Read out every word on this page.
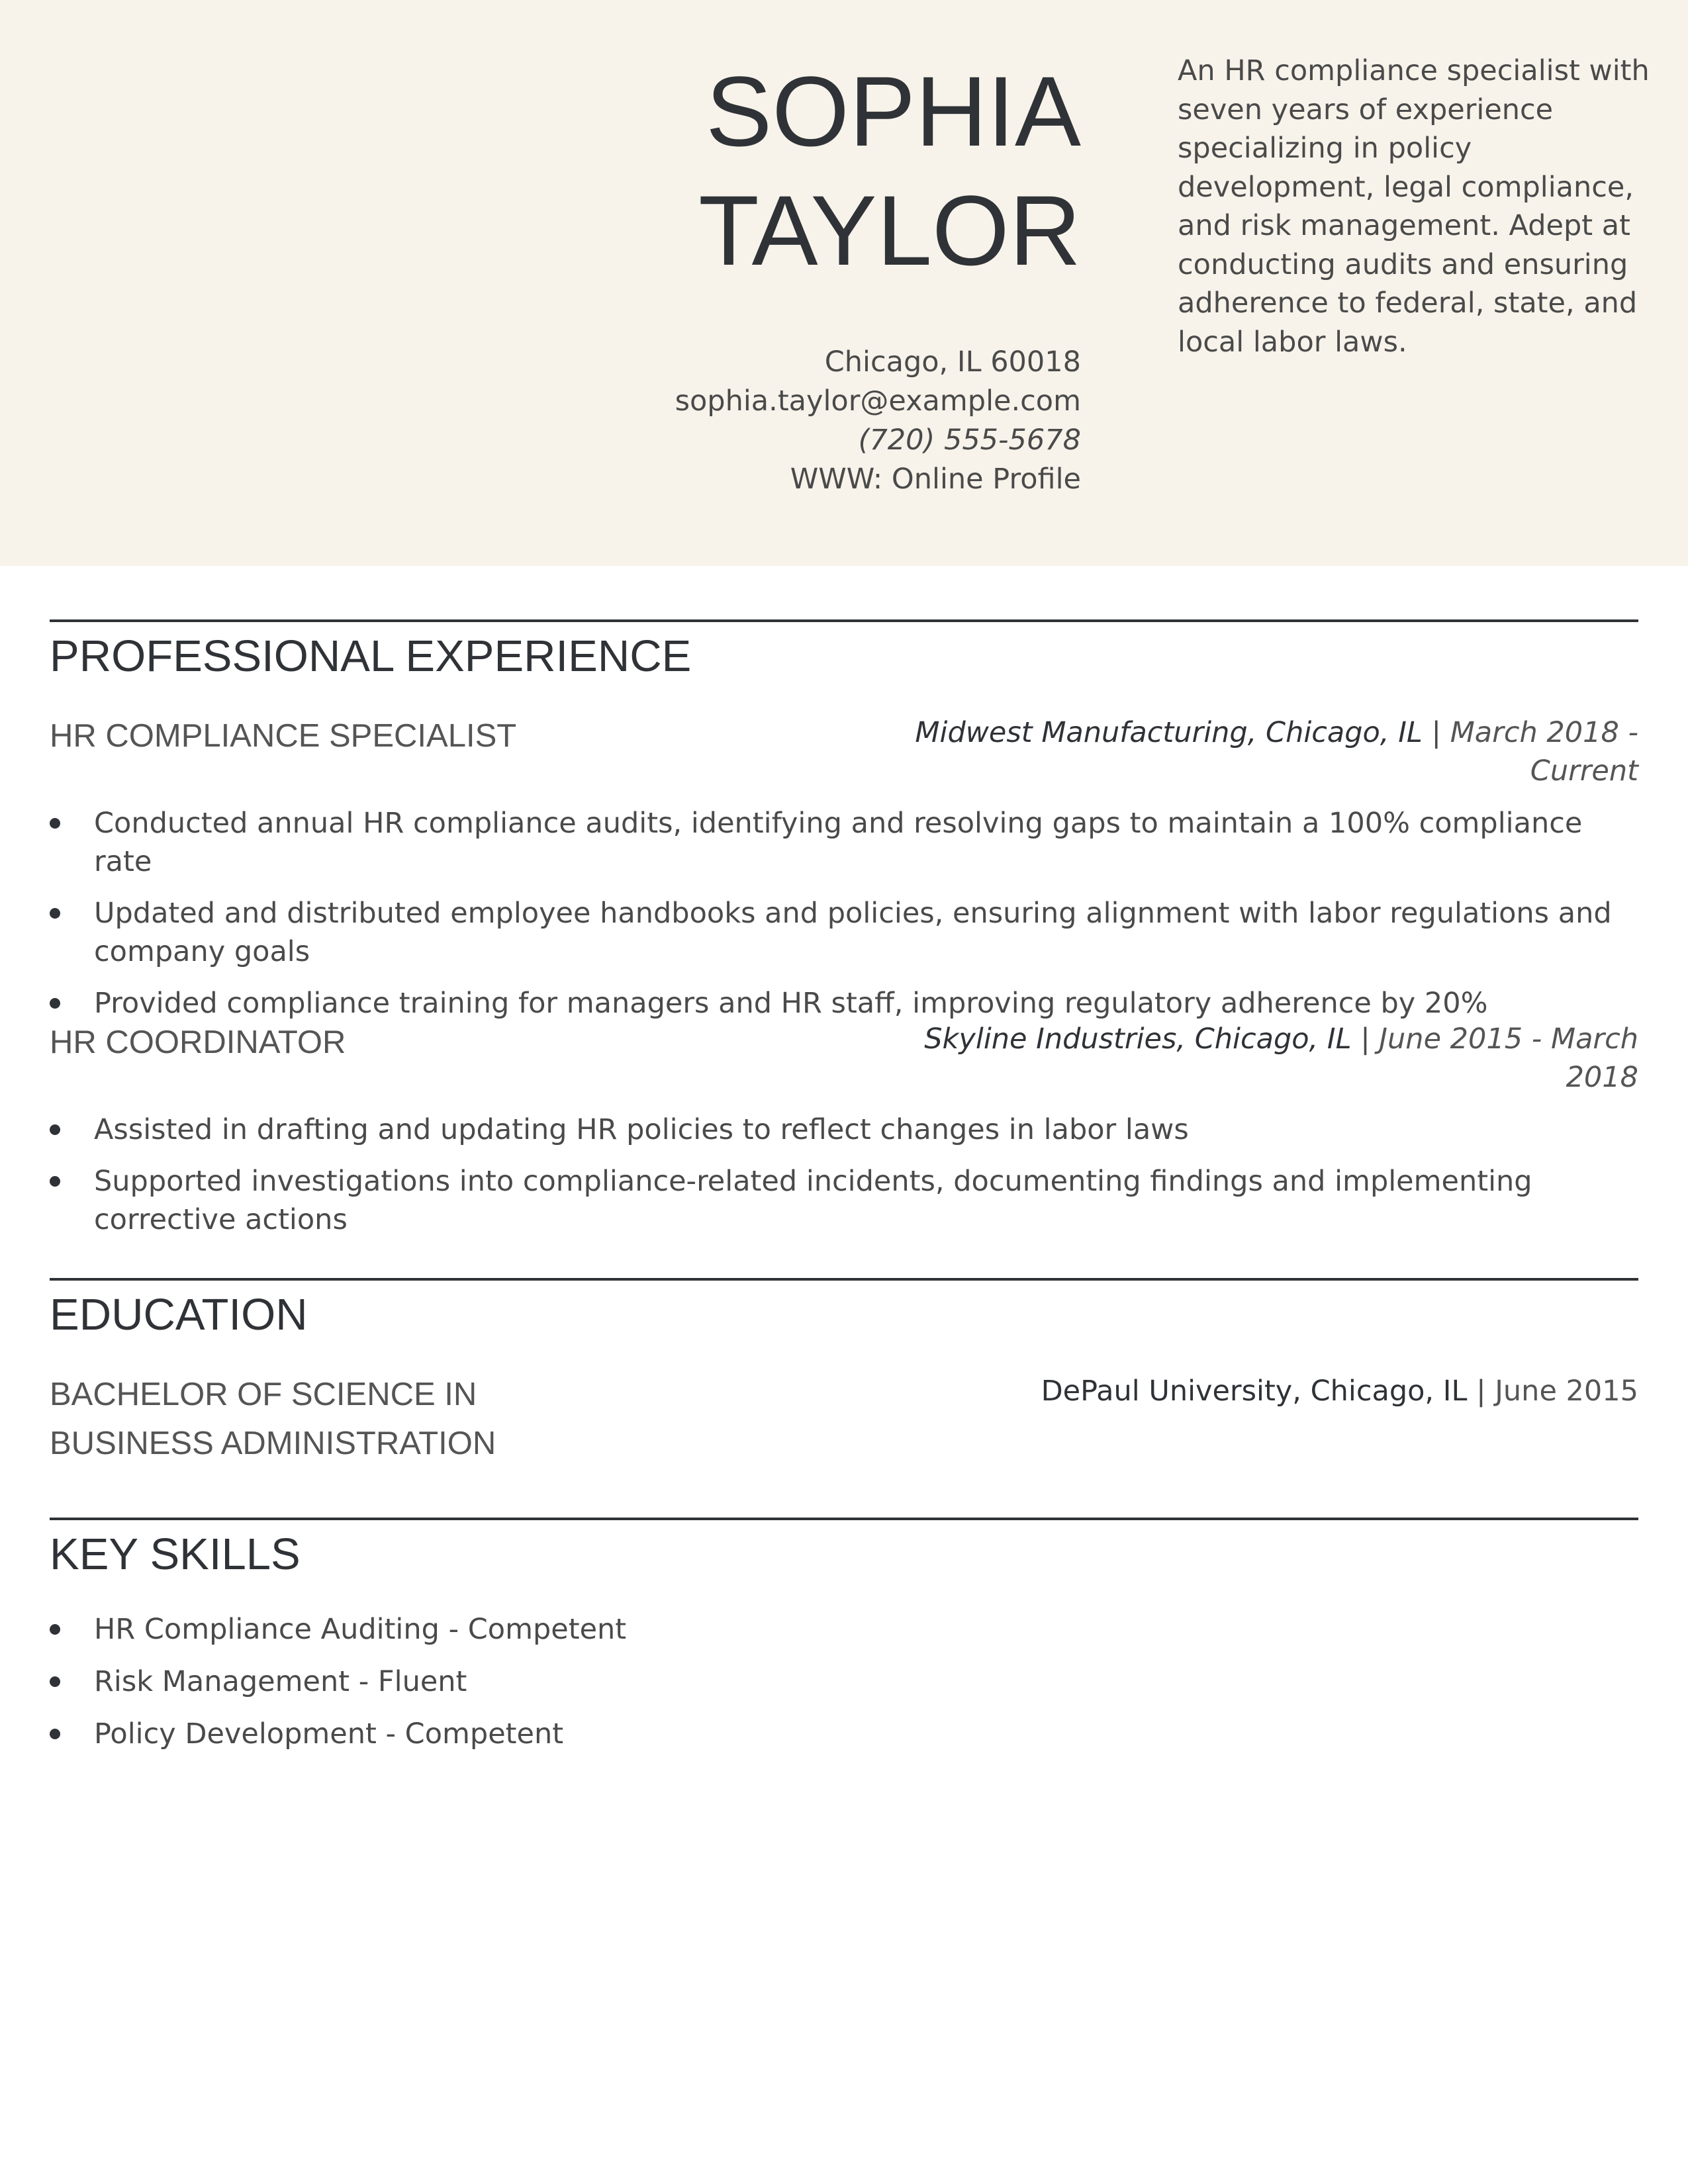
SOPHIA
TAYLOR
Chicago, IL 60018
sophia.taylor@example.com
(720) 555-5678
WWW: Online Profile
An HR compliance specialist with seven years of experience specializing in policy development, legal compliance, and risk management. Adept at conducting audits and ensuring adherence to federal, state, and local labor laws.
PROFESSIONAL EXPERIENCE
HR COMPLIANCE SPECIALIST	Midwest Manufacturing, Chicago, IL | March 2018 - Current
Conducted annual HR compliance audits, identifying and resolving gaps to maintain a 100% compliance rate
Updated and distributed employee handbooks and policies, ensuring alignment with labor regulations and company goals
Provided compliance training for managers and HR staff, improving regulatory adherence by 20%
HR COORDINATOR	Skyline Industries, Chicago, IL | June 2015 - March 2018
Assisted in drafting and updating HR policies to reflect changes in labor laws
Supported investigations into compliance-related incidents, documenting findings and implementing corrective actions
EDUCATION
BACHELOR OF SCIENCE IN BUSINESS ADMINISTRATION
DePaul University, Chicago, IL | June 2015
KEY SKILLS
HR Compliance Auditing - Competent
Risk Management - Fluent
Policy Development - Competent
